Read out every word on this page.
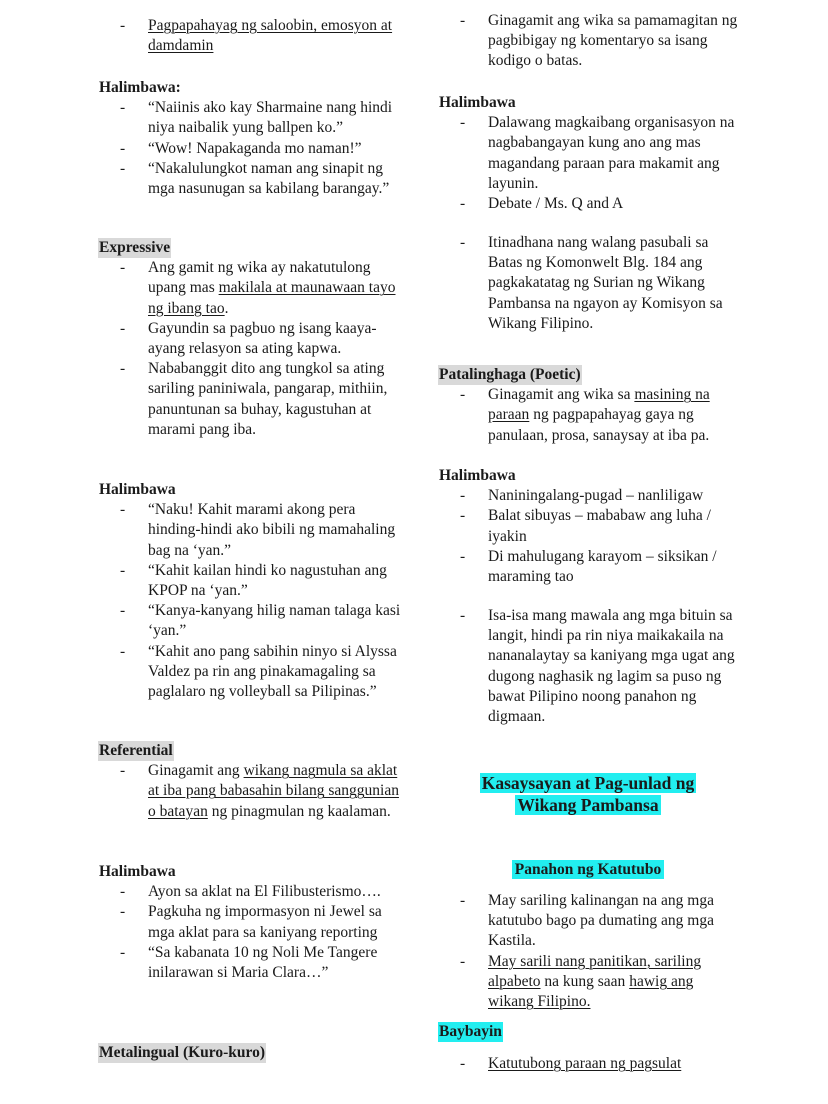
- Pagpapahayag ng saloobin, emosyon at damdamin
Halimbawa:
- “Naiinis ako kay Sharmaine nang hindi niya naibalik yung ballpen ko.”
- “Wow! Napakaganda mo naman!”
- “Nakalulungkot naman ang sinapit ng mga nasunugan sa kabilang barangay.”
Expressive
- Ang gamit ng wika ay nakatutulong upang mas makilala at maunawaan tayo ng ibang tao.
- Gayundin sa pagbuo ng isang kaaya-ayang relasyon sa ating kapwa.
- Nababanggit dito ang tungkol sa ating sariling paniniwala, pangarap, mithiin, panuntunan sa buhay, kagustuhan at marami pang iba.
Halimbawa
- “Naku! Kahit marami akong pera hinding-hindi ako bibili ng mamahaling bag na ‘yan.”
- “Kahit kailan hindi ko nagustuhan ang KPOP na ‘yan.”
- “Kanya-kanyang hilig naman talaga kasi ‘yan.”
- “Kahit ano pang sabihin ninyo si Alyssa Valdez pa rin ang pinakamagaling sa paglalaro ng volleyball sa Pilipinas.”
Referential
- Ginagamit ang wikang nagmula sa aklat at iba pang babasahin bilang sanggunian o batayan ng pinagmulan ng kaalaman.
Halimbawa
- Ayon sa aklat na El Filibusterismo….
- Pagkuha ng impormasyon ni Jewel sa mga aklat para sa kaniyang reporting
- “Sa kabanata 10 ng Noli Me Tangere inilarawan si Maria Clara…”
Metalingual (Kuro-kuro)
- Ginagamit ang wika sa pamamagitan ng pagbibigay ng komentaryo sa isang kodigo o batas.
Halimbawa
- Dalawang magkaibang organisasyon na nagbabangayan kung ano ang mas magandang paraan para makamit ang layunin.
- Debate / Ms. Q and A
- Itinadhana nang walang pasubali sa Batas ng Komonwelt Blg. 184 ang pagkakatatag ng Surian ng Wikang Pambansa na ngayon ay Komisyon sa Wikang Filipino.
Patalinghaga (Poetic)
- Ginagamit ang wika sa masining na paraan ng pagpapahayag gaya ng panulaan, prosa, sanaysay at iba pa.
Halimbawa
- Naniningalang-pugad – nanliligaw
- Balat sibuyas – mababaw ang luha / iyakin
- Di mahulugang karayom – siksikan / maraming tao
- Isa-isa mang mawala ang mga bituin sa langit, hindi pa rin niya maikakaila na nananalaytay sa kaniyang mga ugat ang dugong naghasik ng lagim sa puso ng bawat Pilipino noong panahon ng digmaan.
Kasaysayan at Pag-unlad ng
Wikang Pambansa
Panahon ng Katutubo
- May sariling kalinangan na ang mga katutubo bago pa dumating ang mga Kastila.
- May sarili nang panitikan, sariling alpabeto na kung saan hawig ang wikang Filipino.
Baybayin
- Katutubong paraan ng pagsulat
